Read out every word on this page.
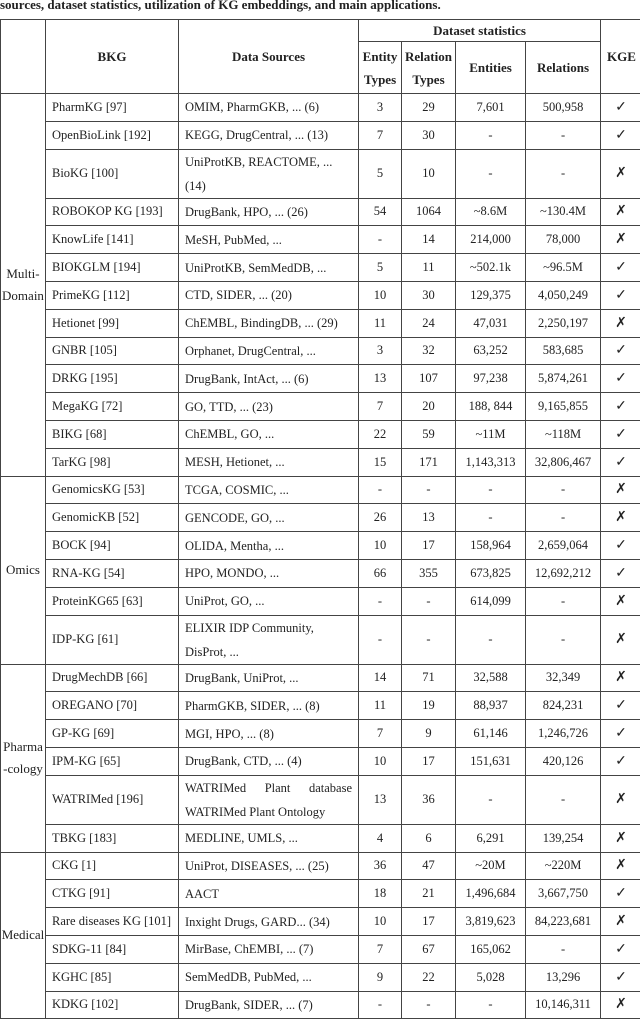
sources, dataset statistics, utilization of KG embeddings, and main applications.
	BKG	Data Sources	Dataset statistics				KGE
			Entity Types	Relation Types	Entities	Relations	
Multi-
Domain	PharmKG [97]	OMIM, PharmGKB, ... (6)	3	29	7,601	500,958	✓
	OpenBioLink [192]	KEGG, DrugCentral, ... (13)	7	30	-	-	✓
	BioKG [100]	UniProtKB, REACTOME, ... (14)	5	10	-	-	✗
	ROBOKOP KG [193]	DrugBank, HPO, ... (26)	54	1064	~8.6M	~130.4M	✗
	KnowLife [141]	MeSH, PubMed, ...	-	14	214,000	78,000	✗
	BIOKGLM [194]	UniProtKB, SemMedDB, ...	5	11	~502.1k	~96.5M	✓
	PrimeKG [112]	CTD, SIDER, ... (20)	10	30	129,375	4,050,249	✓
	Hetionet [99]	ChEMBL, BindingDB, ... (29)	11	24	47,031	2,250,197	✗
	GNBR [105]	Orphanet, DrugCentral, ...	3	32	63,252	583,685	✓
	DRKG [195]	DrugBank, IntAct, ... (6)	13	107	97,238	5,874,261	✓
	MegaKG [72]	GO, TTD, ... (23)	7	20	188, 844	9,165,855	✓
	BIKG [68]	ChEMBL, GO, ...	22	59	~11M	~118M	✓
	TarKG [98]	MESH, Hetionet, ...	15	171	1,143,313	32,806,467	✓
Omics	GenomicsKG [53]	TCGA, COSMIC, ...	-	-	-	-	✗
	GenomicKB [52]	GENCODE, GO, ...	26	13	-	-	✗
	BOCK [94]	OLIDA, Mentha, ...	10	17	158,964	2,659,064	✓
	RNA-KG [54]	HPO, MONDO, ...	66	355	673,825	12,692,212	✓
	ProteinKG65 [63]	UniProt, GO, ...	-	-	614,099	-	✗
	IDP-KG [61]	ELIXIR IDP Community, DisProt, ...	-	-	-	-	✗
Pharma
-cology	DrugMechDB [66]	DrugBank, UniProt, ...	14	71	32,588	32,349	✗
	OREGANO [70]	PharmGKB, SIDER, ... (8)	11	19	88,937	824,231	✓
	GP-KG [69]	MGI, HPO, ... (8)	7	9	61,146	1,246,726	✓
	IPM-KG [65]	DrugBank, CTD, ... (4)	10	17	151,631	420,126	✓
	WATRIMed [196]	WATRIMed Plant database WATRIMed Plant Ontology	13	36	-	-	✗
	TBKG [183]	MEDLINE, UMLS, ...	4	6	6,291	139,254	✗
Medical	CKG [1]	UniProt, DISEASES, ... (25)	36	47	~20M	~220M	✗
	CTKG [91]	AACT	18	21	1,496,684	3,667,750	✓
	Rare diseases KG [101]	Inxight Drugs, GARD... (34)	10	17	3,819,623	84,223,681	✗
	SDKG-11 [84]	MirBase, ChEMBI, ... (7)	7	67	165,062	-	✓
	KGHC [85]	SemMedDB, PubMed, ...	9	22	5,028	13,296	✓
	KDKG [102]	DrugBank, SIDER, ... (7)	-	-	-	10,146,311	✗
